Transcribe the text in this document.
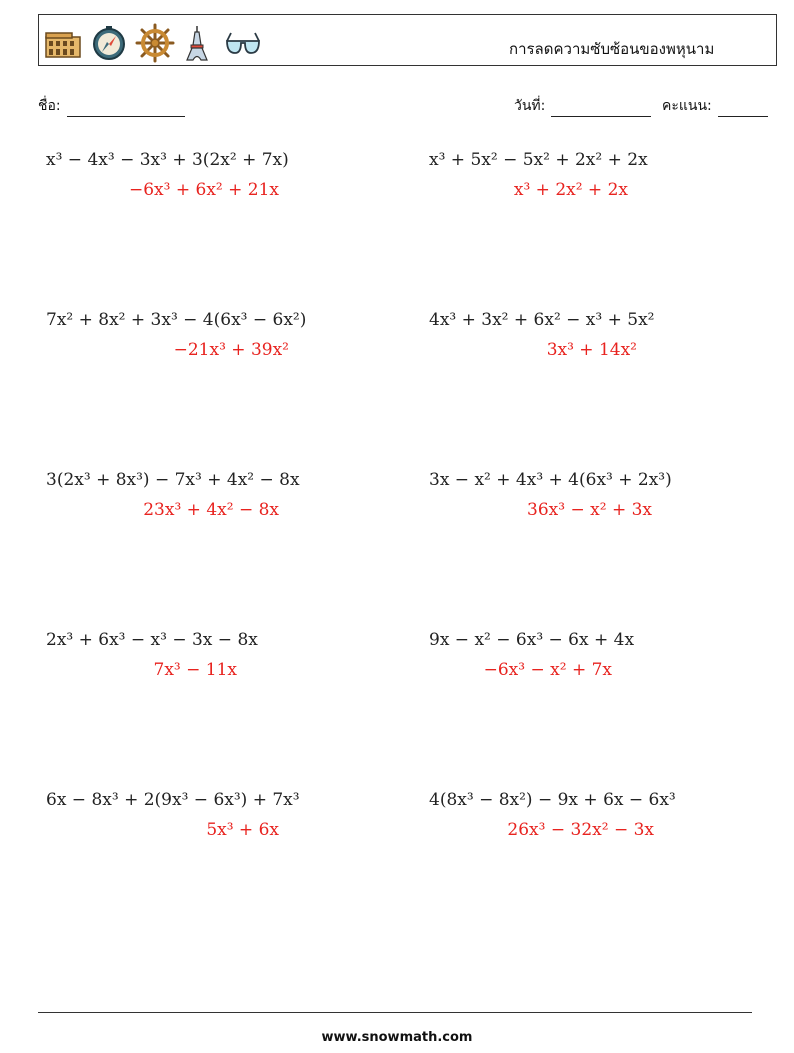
การลดความซับซ้อนของพหุนาม
ชื่อ:	วันที่:	คะแนน:
x³ − 4x³ − 3x³ + 3(2x² + 7x)
−6x³ + 6x² + 21x
x³ + 5x² − 5x² + 2x² + 2x
x³ + 2x² + 2x
7x² + 8x² + 3x³ − 4(6x³ − 6x²)
−21x³ + 39x²
4x³ + 3x² + 6x² − x³ + 5x²
3x³ + 14x²
3(2x³ + 8x³) − 7x³ + 4x² − 8x
23x³ + 4x² − 8x
3x − x² + 4x³ + 4(6x³ + 2x³)
36x³ − x² + 3x
2x³ + 6x³ − x³ − 3x − 8x
7x³ − 11x
9x − x² − 6x³ − 6x + 4x
−6x³ − x² + 7x
6x − 8x³ + 2(9x³ − 6x³) + 7x³
5x³ + 6x
4(8x³ − 8x²) − 9x + 6x − 6x³
26x³ − 32x² − 3x
www.snowmath.com
